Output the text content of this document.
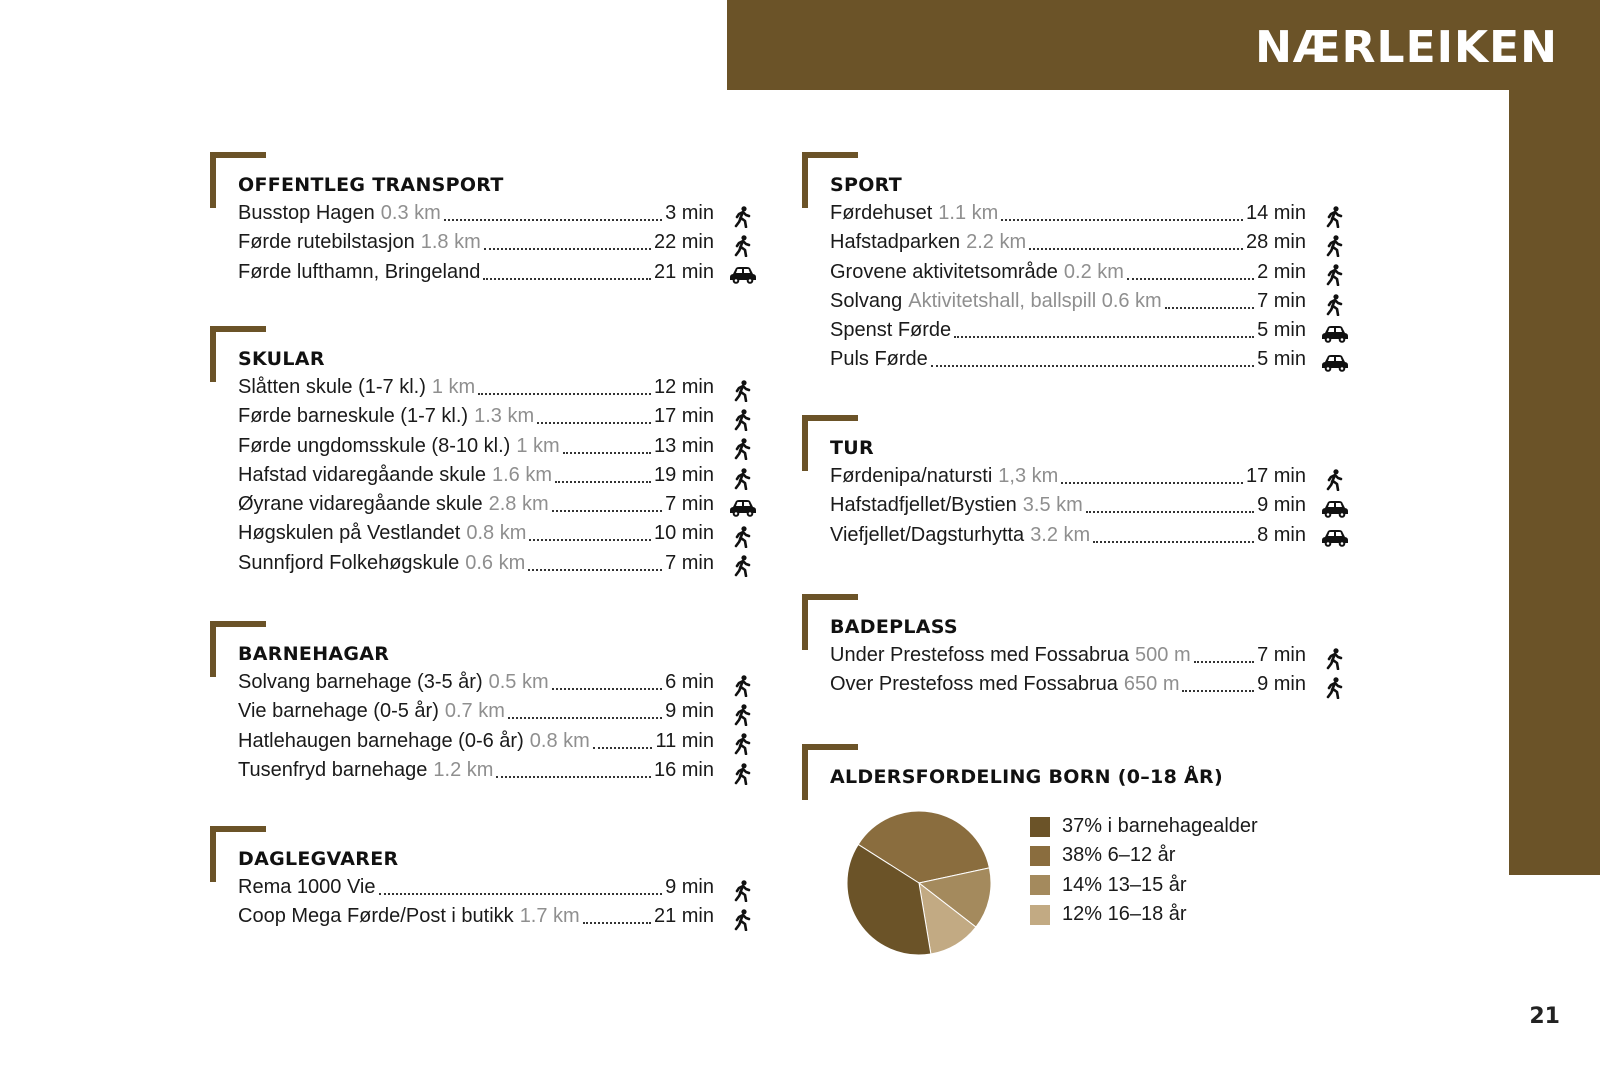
NÆRLEIKEN
OFFENTLEG TRANSPORT
Busstop Hagen 0.3 km	3 min
Førde rutebilstasjon 1.8 km	22 min
Førde lufthamn, Bringeland	21 min
SKULAR
Slåtten skule (1-7 kl.) 1 km	12 min
Førde barneskule (1-7 kl.) 1.3 km	17 min
Førde ungdomsskule (8-10 kl.) 1 km	13 min
Hafstad vidaregåande skule 1.6 km	19 min
Øyrane vidaregåande skule 2.8 km	7 min
Høgskulen på Vestlandet 0.8 km	10 min
Sunnfjord Folkehøgskule 0.6 km	7 min
BARNEHAGAR
Solvang barnehage (3-5 år) 0.5 km	6 min
Vie barnehage (0-5 år) 0.7 km	9 min
Hatlehaugen barnehage (0-6 år) 0.8 km	11 min
Tusenfryd barnehage 1.2 km	16 min
DAGLEGVARER
Rema 1000 Vie	9 min
Coop Mega Førde/Post i butikk 1.7 km	21 min
SPORT
Førdehuset 1.1 km	14 min
Hafstadparken 2.2 km	28 min
Grovene aktivitetsområde 0.2 km	2 min
Solvang Aktivitetshall, ballspill 0.6 km	7 min
Spenst Førde	5 min
Puls Førde	5 min
TUR
Førdenipa/natursti 1,3 km	17 min
Hafstadfjellet/Bystien 3.5 km	9 min
Viefjellet/Dagsturhytta 3.2 km	8 min
BADEPLASS
Under Prestefoss med Fossabrua 500 m	7 min
Over Prestefoss med Fossabrua 650 m	9 min
ALDERSFORDELING BORN (0–18 ÅR)
37% i barnehagealder
38% 6–12 år
14% 13–15 år
12% 16–18 år
21
